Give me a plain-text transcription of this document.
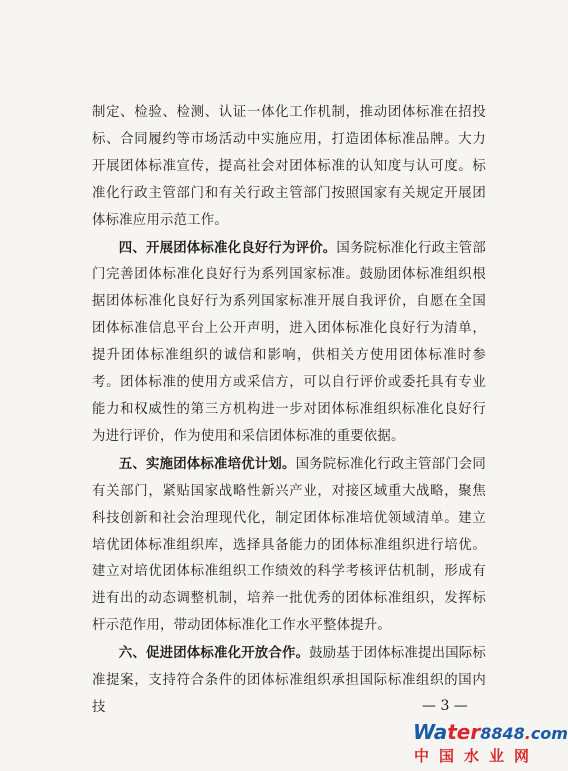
制定、检验、检测、认证一体化工作机制，推动团体标准在招投标、合同履约等市场活动中实施应用，打造团体标准品牌。大力开展团体标准宣传，提高社会对团体标准的认知度与认可度。标准化行政主管部门和有关行政主管部门按照国家有关规定开展团体标准应用示范工作。

四、开展团体标准化良好行为评价。国务院标准化行政主管部门完善团体标准化良好行为系列国家标准。鼓励团体标准组织根据团体标准化良好行为系列国家标准开展自我评价，自愿在全国团体标准信息平台上公开声明，进入团体标准化良好行为清单，提升团体标准组织的诚信和影响，供相关方使用团体标准时参考。团体标准的使用方或采信方，可以自行评价或委托具有专业能力和权威性的第三方机构进一步对团体标准组织标准化良好行为进行评价，作为使用和采信团体标准的重要依据。

五、实施团体标准培优计划。国务院标准化行政主管部门会同有关部门，紧贴国家战略性新兴产业，对接区域重大战略，聚焦科技创新和社会治理现代化，制定团体标准培优领域清单。建立培优团体标准组织库，选择具备能力的团体标准组织进行培优。建立对培优团体标准组织工作绩效的科学考核评估机制，形成有进有出的动态调整机制，培养一批优秀的团体标准组织，发挥标杆示范作用，带动团体标准化工作水平整体提升。

六、促进团体标准化开放合作。鼓励基于团体标准提出国际标准提案，支持符合条件的团体标准组织承担国际标准组织的国内技	— 3 —
Water8848.com
中国水业网
